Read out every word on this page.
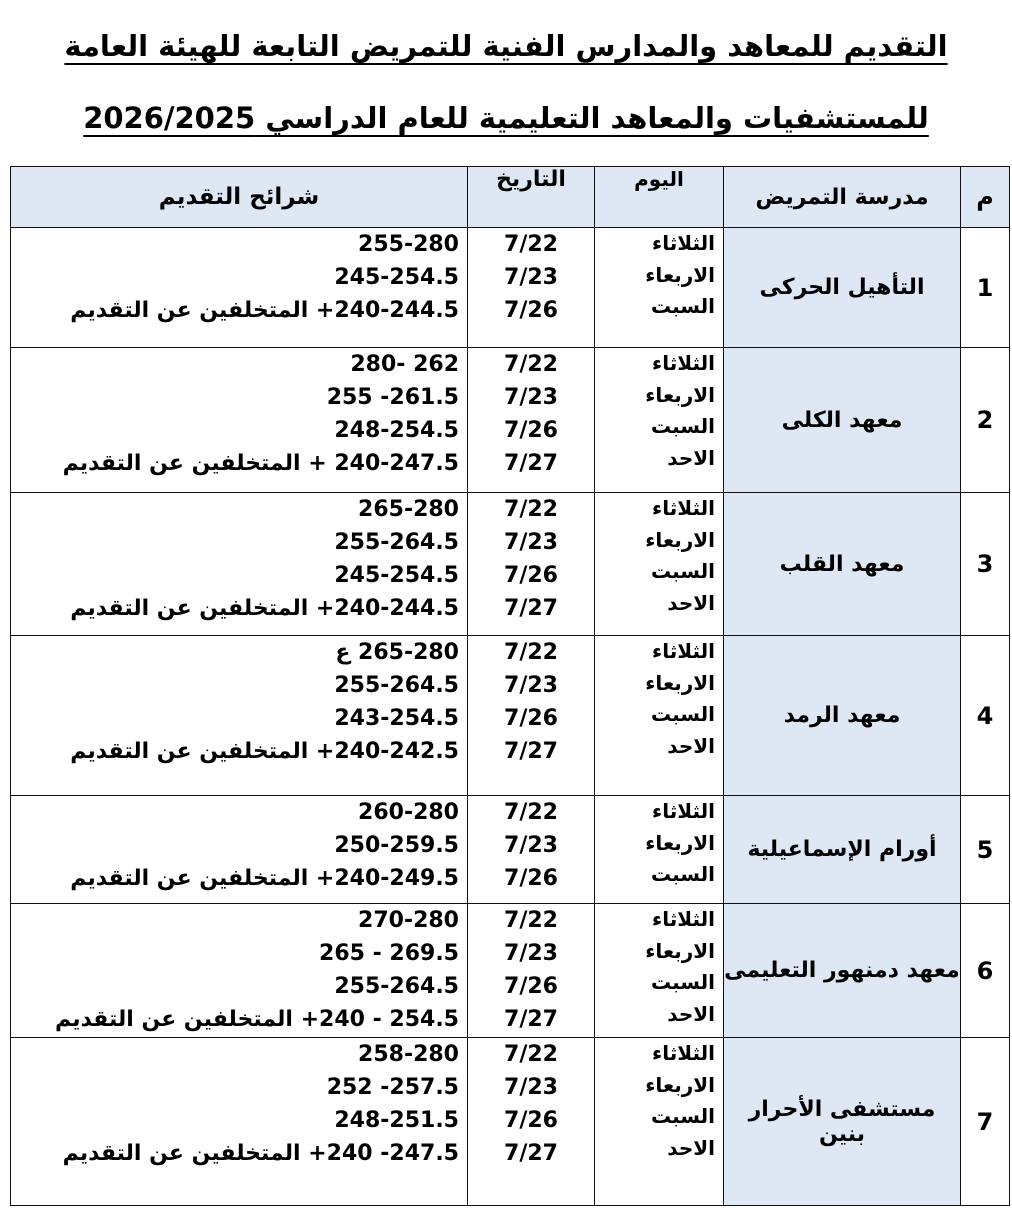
التقديم للمعاهد والمدارس الفنية للتمريض التابعة للهيئة العامة
للمستشفيات والمعاهد التعليمية للعام الدراسي 2026/2025
م	مدرسة التمريض	اليوم	التاريخ	شرائح التقديم
1	التأهيل الحركى	الثلاثاء
الاربعاء
السبت	7/22
7/23
7/26	255-280
245-254.5
240-244.5+ المتخلفين عن التقديم

2	معهد الكلى	الثلاثاء
الاربعاء
السبت
الاحد	7/22
7/23
7/26
7/27	280- 262
255 -261.5
248-254.5
240-247.5 + المتخلفين عن التقديم

3	معهد القلب	الثلاثاء
الاربعاء
السبت
الاحد	7/22
7/23
7/26
7/27	265-280
255-264.5
245-254.5
240-244.5+ المتخلفين عن التقديم

4	معهد الرمد	الثلاثاء
الاربعاء
السبت
الاحد	7/22
7/23
7/26
7/27	265-280 ع
255-264.5
243-254.5
240-242.5+ المتخلفين عن التقديم

5	أورام الإسماعيلية	الثلاثاء
الاربعاء
السبت	7/22
7/23
7/26	260-280
250-259.5
240-249.5+ المتخلفين عن التقديم

6	معهد دمنهور التعليمى	الثلاثاء
الاربعاء
السبت
الاحد	7/22
7/23
7/26
7/27	270-280
265 - 269.5
255-264.5
254.5 - 240+ المتخلفين عن التقديم

7	مستشفى الأحرار بنين	الثلاثاء
الاربعاء
السبت
الاحد	7/22
7/23
7/26
7/27	258-280
252 -257.5
248-251.5
247.5- 240+ المتخلفين عن التقديم
